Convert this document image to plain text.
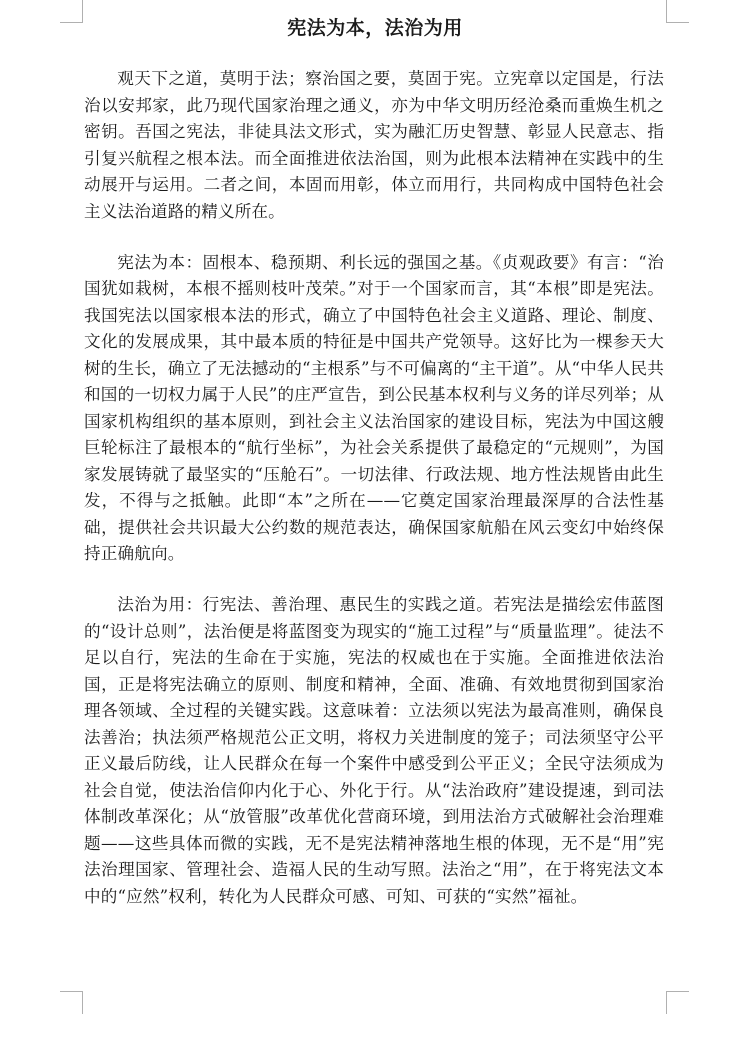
宪法为本，法治为用

观天下之道，莫明于法；察治国之要，莫固于宪。立宪章以定国是，行法治以安邦家，此乃现代国家治理之通义，亦为中华文明历经沧桑而重焕生机之密钥。吾国之宪法，非徒具法文形式，实为融汇历史智慧、彰显人民意志、指引复兴航程之根本法。而全面推进依法治国，则为此根本法精神在实践中的生动展开与运用。二者之间，本固而用彰，体立而用行，共同构成中国特色社会主义法治道路的精义所在。

宪法为本：固根本、稳预期、利长远的强国之基。《贞观政要》有言：“治国犹如栽树，本根不摇则枝叶茂荣。”对于一个国家而言，其“本根”即是宪法。我国宪法以国家根本法的形式，确立了中国特色社会主义道路、理论、制度、文化的发展成果，其中最本质的特征是中国共产党领导。这好比为一棵参天大树的生长，确立了无法撼动的“主根系”与不可偏离的“主干道”。从“中华人民共和国的一切权力属于人民”的庄严宣告，到公民基本权利与义务的详尽列举；从国家机构组织的基本原则，到社会主义法治国家的建设目标，宪法为中国这艘巨轮标注了最根本的“航行坐标”，为社会关系提供了最稳定的“元规则”，为国家发展铸就了最坚实的“压舱石”。一切法律、行政法规、地方性法规皆由此生发，不得与之抵触。此即“本”之所在——它奠定国家治理最深厚的合法性基础，提供社会共识最大公约数的规范表达，确保国家航船在风云变幻中始终保持正确航向。

法治为用：行宪法、善治理、惠民生的实践之道。若宪法是描绘宏伟蓝图的“设计总则”，法治便是将蓝图变为现实的“施工过程”与“质量监理”。徒法不足以自行，宪法的生命在于实施，宪法的权威也在于实施。全面推进依法治国，正是将宪法确立的原则、制度和精神，全面、准确、有效地贯彻到国家治理各领域、全过程的关键实践。这意味着：立法须以宪法为最高准则，确保良法善治；执法须严格规范公正文明，将权力关进制度的笼子；司法须坚守公平正义最后防线，让人民群众在每一个案件中感受到公平正义；全民守法须成为社会自觉，使法治信仰内化于心、外化于行。从“法治政府”建设提速，到司法体制改革深化；从“放管服”改革优化营商环境，到用法治方式破解社会治理难题——这些具体而微的实践，无不是宪法精神落地生根的体现，无不是“用”宪法治理国家、管理社会、造福人民的生动写照。法治之“用”，在于将宪法文本中的“应然”权利，转化为人民群众可感、可知、可获的“实然”福祉。
